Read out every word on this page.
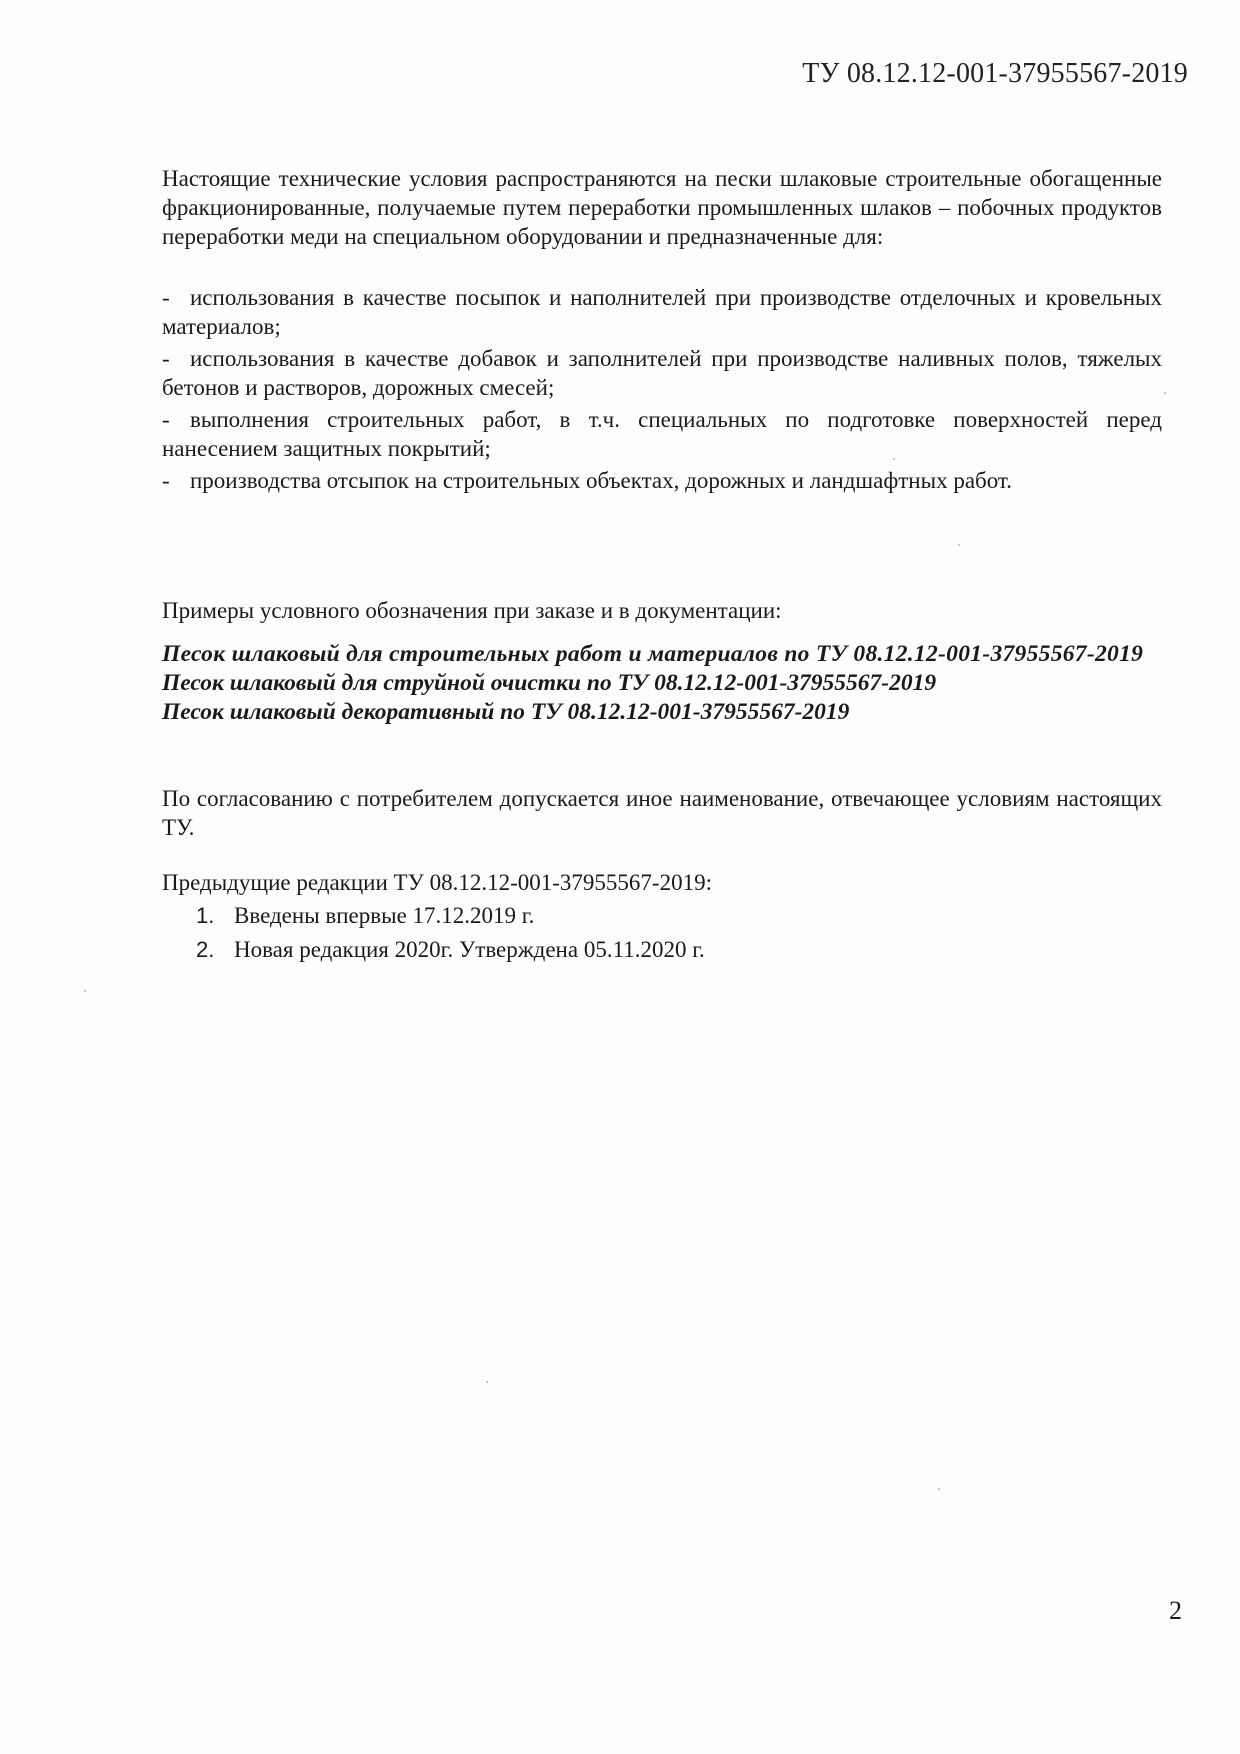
ТУ 08.12.12-001-37955567-2019
Настоящие технические условия распространяются на пески шлаковые строительные обогащенные фракционированные, получаемые путем переработки промышленных шлаков – побочных продуктов переработки меди на специальном оборудовании и предназначенные для:
- использования в качестве посыпок и наполнителей при производстве отделочных и кровельных материалов;
- использования в качестве добавок и заполнителей при производстве наливных полов, тяжелых бетонов и растворов, дорожных смесей;
- выполнения строительных работ, в т.ч. специальных по подготовке поверхностей перед нанесением защитных покрытий;
- производства отсыпок на строительных объектах, дорожных и ландшафтных работ.
Примеры условного обозначения при заказе и в документации:
Песок шлаковый для строительных работ и материалов по ТУ 08.12.12-001-37955567-2019
Песок шлаковый для струйной очистки по ТУ 08.12.12-001-37955567-2019
Песок шлаковый декоративный по ТУ 08.12.12-001-37955567-2019
По согласованию с потребителем допускается иное наименование, отвечающее условиям настоящих ТУ.
Предыдущие редакции ТУ 08.12.12-001-37955567-2019:
1. Введены впервые 17.12.2019 г.
2. Новая редакция 2020г. Утверждена 05.11.2020 г.
2
